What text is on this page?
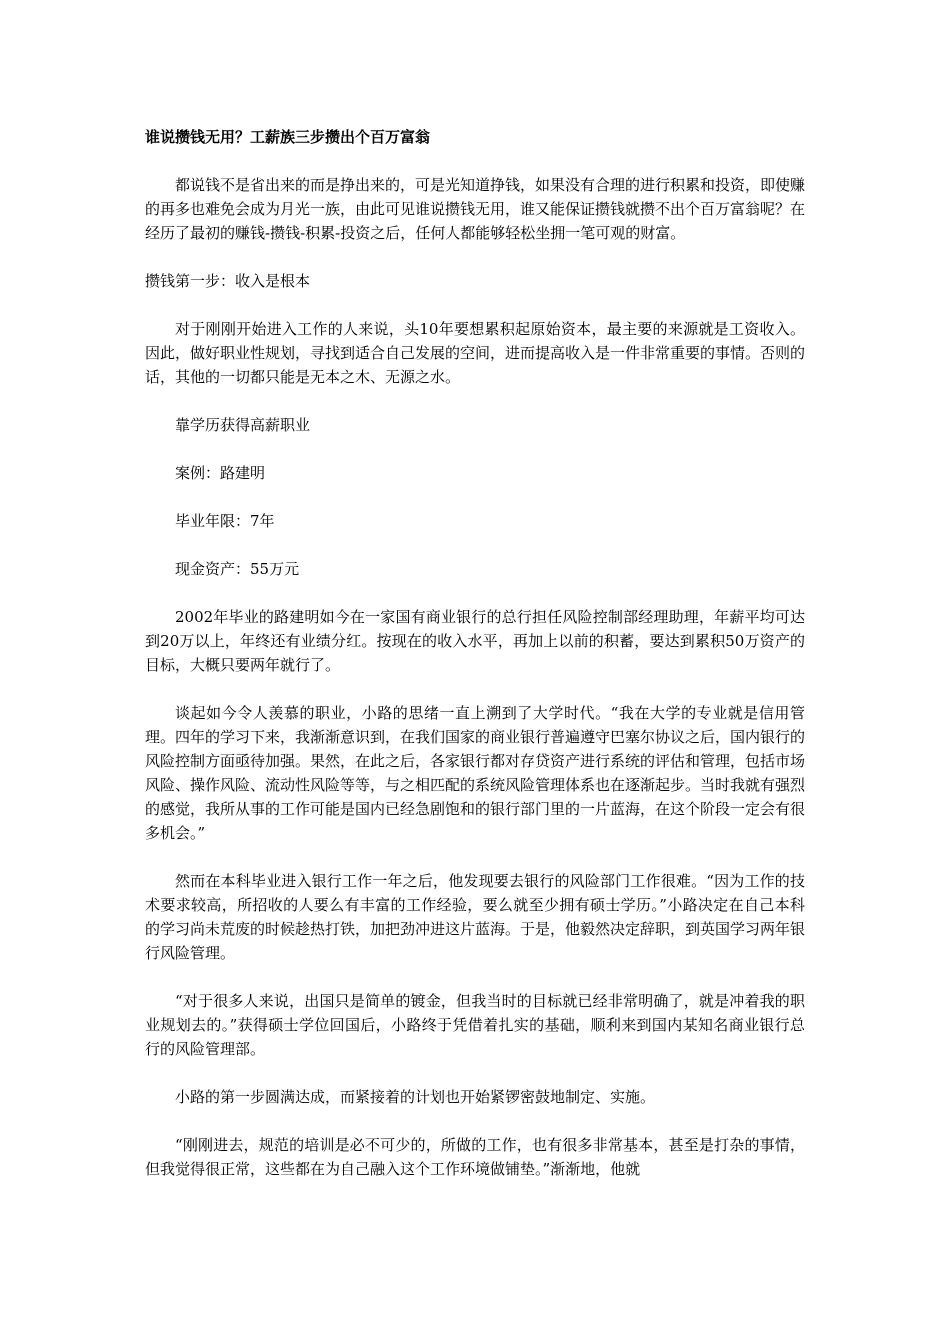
谁说攒钱无用？工薪族三步攒出个百万富翁

都说钱不是省出来的而是挣出来的，可是光知道挣钱，如果没有合理的进行积累和投资，即使赚的再多也难免会成为月光一族，由此可见谁说攒钱无用，谁又能保证攒钱就攒不出个百万富翁呢？在经历了最初的赚钱-攒钱-积累-投资之后，任何人都能够轻松坐拥一笔可观的财富。

攒钱第一步：收入是根本

对于刚刚开始进入工作的人来说，头10年要想累积起原始资本，最主要的来源就是工资收入。因此，做好职业性规划，寻找到适合自己发展的空间，进而提高收入是一件非常重要的事情。否则的话，其他的一切都只能是无本之木、无源之水。

靠学历获得高薪职业
案例：路建明
毕业年限：7年
现金资产：55万元

2002年毕业的路建明如今在一家国有商业银行的总行担任风险控制部经理助理，年薪平均可达到20万以上，年终还有业绩分红。按现在的收入水平，再加上以前的积蓄，要达到累积50万资产的目标，大概只要两年就行了。

谈起如今令人羡慕的职业，小路的思绪一直上溯到了大学时代。“我在大学的专业就是信用管理。四年的学习下来，我渐渐意识到，在我们国家的商业银行普遍遵守巴塞尔协议之后，国内银行的风险控制方面亟待加强。果然，在此之后，各家银行都对存贷资产进行系统的评估和管理，包括市场风险、操作风险、流动性风险等等，与之相匹配的系统风险管理体系也在逐渐起步。当时我就有强烈的感觉，我所从事的工作可能是国内已经急剧饱和的银行部门里的一片蓝海，在这个阶段一定会有很多机会。”

然而在本科毕业进入银行工作一年之后，他发现要去银行的风险部门工作很难。“因为工作的技术要求较高，所招收的人要么有丰富的工作经验，要么就至少拥有硕士学历。”小路决定在自己本科的学习尚未荒废的时候趁热打铁，加把劲冲进这片蓝海。于是，他毅然决定辞职，到英国学习两年银行风险管理。

“对于很多人来说，出国只是简单的镀金，但我当时的目标就已经非常明确了，就是冲着我的职业规划去的。”获得硕士学位回国后，小路终于凭借着扎实的基础，顺利来到国内某知名商业银行总行的风险管理部。

小路的第一步圆满达成，而紧接着的计划也开始紧锣密鼓地制定、实施。

“刚刚进去，规范的培训是必不可少的，所做的工作，也有很多非常基本，甚至是打杂的事情，但我觉得很正常，这些都在为自己融入这个工作环境做铺垫。”渐渐地，他就
